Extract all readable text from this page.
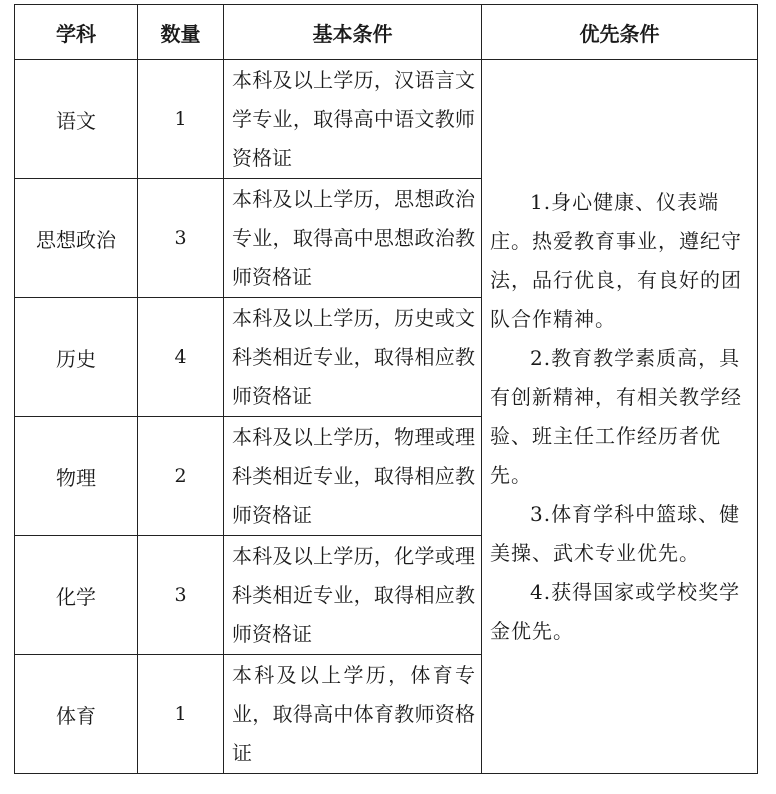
学科	数量	基本条件	优先条件
语文	1	本科及以上学历，汉语言文学专业，取得高中语文教师资格证	1.身心健康、仪表端庄。热爱教育事业，遵纪守法，品行优良，有良好的团队合作精神。

2.教育教学素质高，具有创新精神，有相关教学经验、班主任工作经历者优先。

3.体育学科中篮球、健美操、武术专业优先。

4.获得国家或学校奖学金优先。

思想政治	3	本科及以上学历，思想政治专业，取得高中思想政治教师资格证	
历史	4	本科及以上学历，历史或文科类相近专业，取得相应教师资格证	
物理	2	本科及以上学历，物理或理科类相近专业，取得相应教师资格证	
化学	3	本科及以上学历，化学或理科类相近专业，取得相应教师资格证	
体育	1	本科及以上学历，体育专业，取得高中体育教师资格证	
